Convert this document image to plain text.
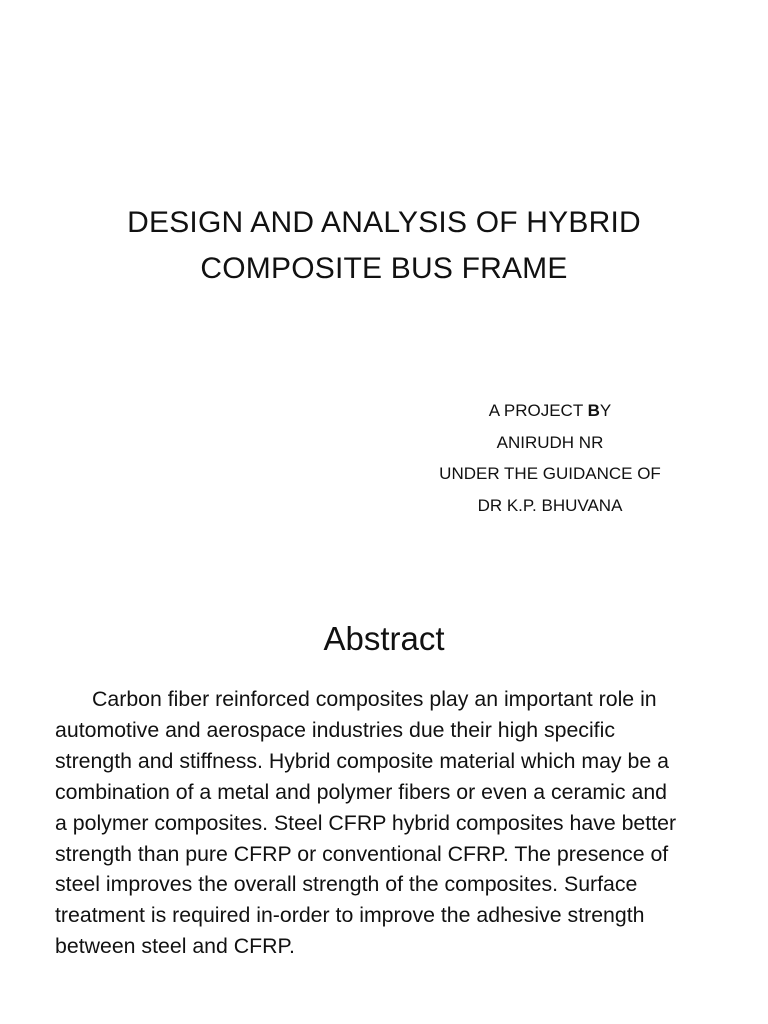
DESIGN AND ANALYSIS OF HYBRID
COMPOSITE BUS FRAME
A PROJECT BY
ANIRUDH NR
UNDER THE GUIDANCE OF
DR K.P. BHUVANA
Abstract
Carbon fiber reinforced composites play an important role in
automotive and aerospace industries due their high specific
strength and stiffness. Hybrid composite material which may be a
combination of a metal and polymer fibers or even a ceramic and
a polymer composites. Steel CFRP hybrid composites have better
strength than pure CFRP or conventional CFRP. The presence of
steel improves the overall strength of the composites. Surface
treatment is required in-order to improve the adhesive strength
between steel and CFRP.
